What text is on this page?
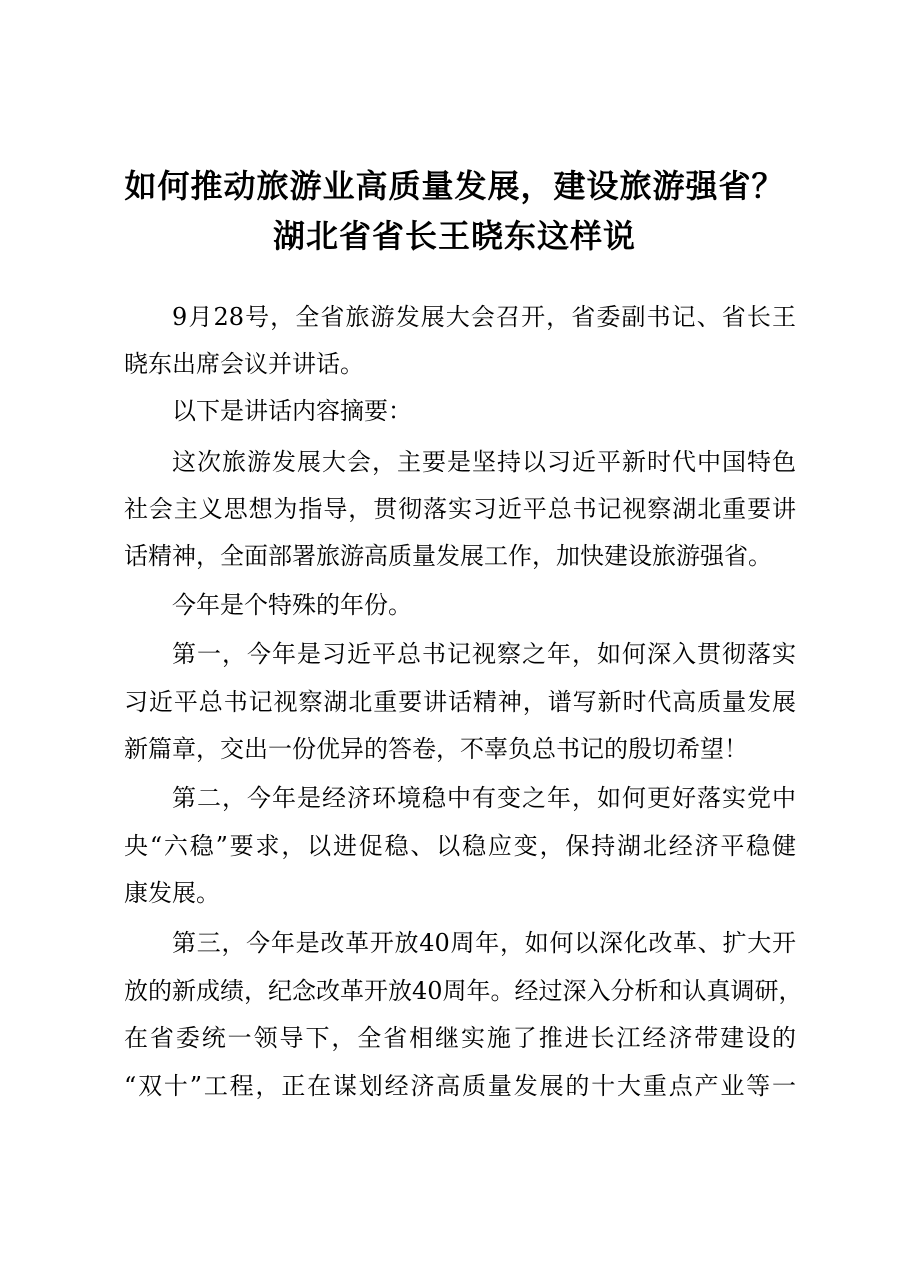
如何推动旅游业高质量发展，建设旅游强省？
湖北省省长王晓东这样说
9月28号，全省旅游发展大会召开，省委副书记、省长王
晓东出席会议并讲话。
以下是讲话内容摘要：
这次旅游发展大会，主要是坚持以习近平新时代中国特色
社会主义思想为指导，贯彻落实习近平总书记视察湖北重要讲
话精神，全面部署旅游高质量发展工作，加快建设旅游强省。
今年是个特殊的年份。
第一，今年是习近平总书记视察之年，如何深入贯彻落实
习近平总书记视察湖北重要讲话精神，谱写新时代高质量发展
新篇章，交出一份优异的答卷，不辜负总书记的殷切希望！
第二，今年是经济环境稳中有变之年，如何更好落实党中
央“六稳”要求，以进促稳、以稳应变，保持湖北经济平稳健
康发展。
第三，今年是改革开放40周年，如何以深化改革、扩大开
放的新成绩，纪念改革开放40周年。经过深入分析和认真调研，
在省委统一领导下，全省相继实施了推进长江经济带建设的
“双十”工程，正在谋划经济高质量发展的十大重点产业等一
